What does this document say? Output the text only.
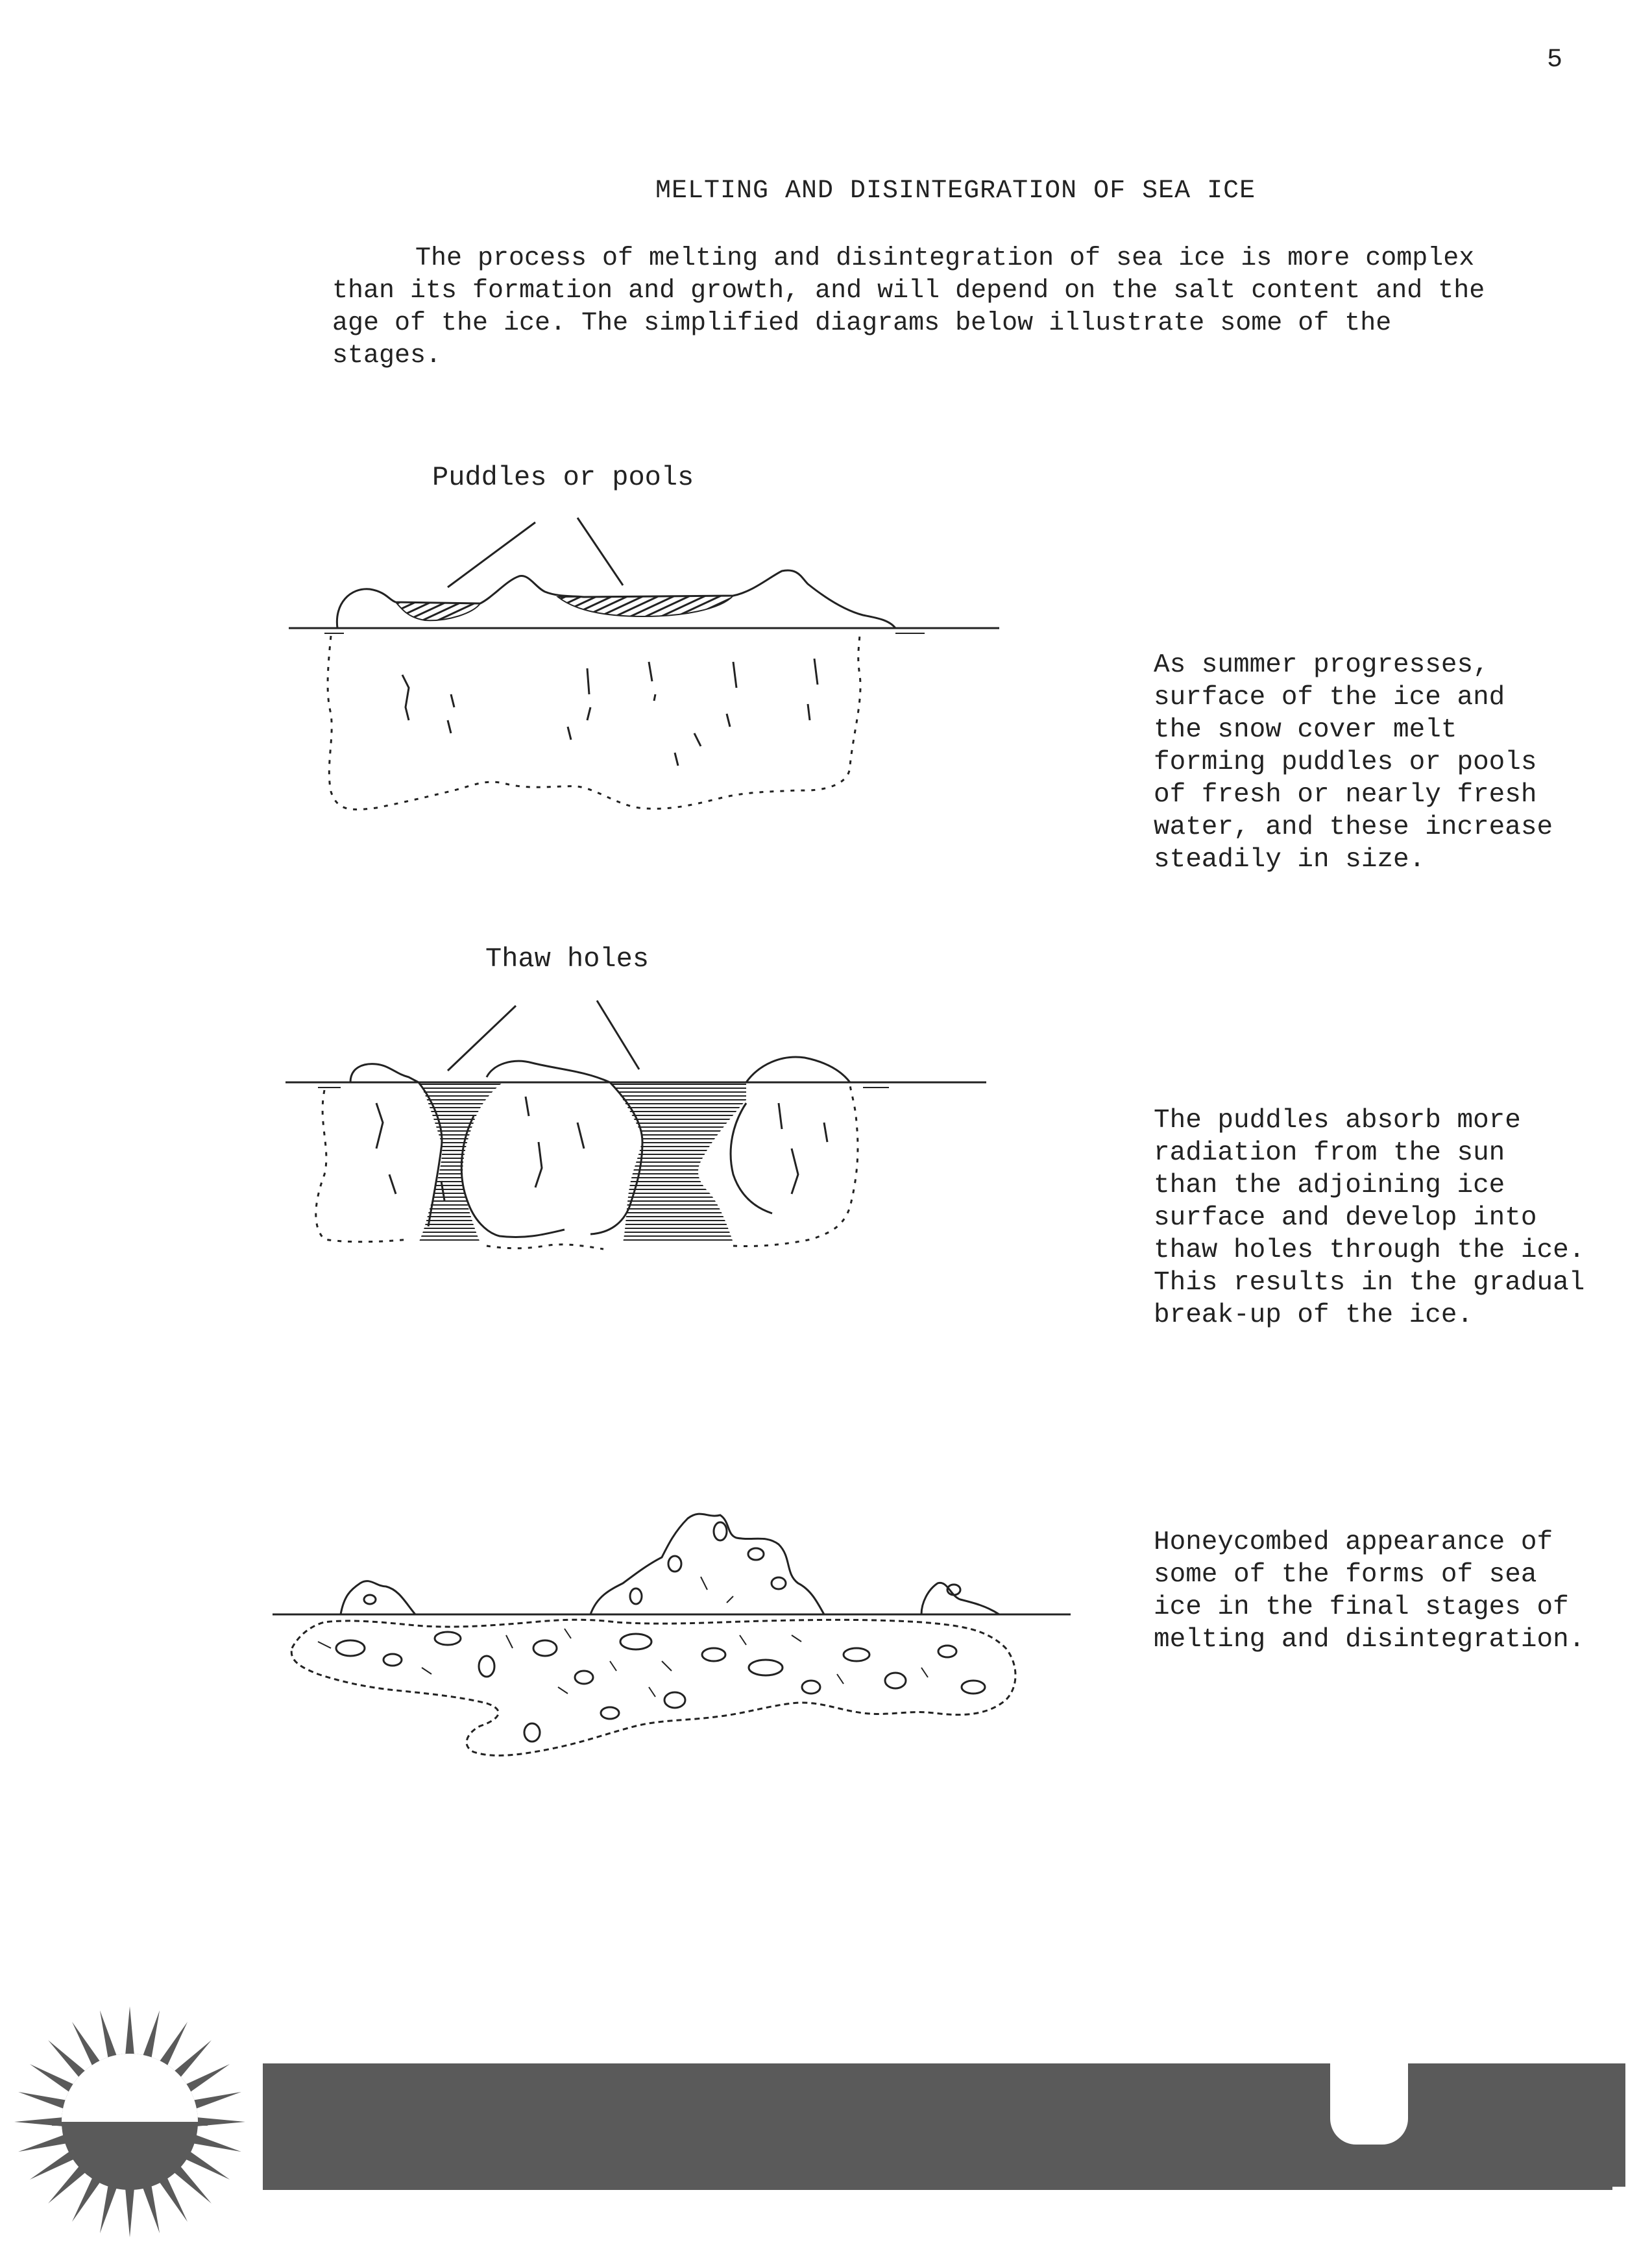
5
MELTING AND DISINTEGRATION OF SEA ICE

The process of melting and disintegration of sea ice is more complex
than its formation and growth, and will depend on the salt content and the
age of the ice. The simplified diagrams below illustrate some of the
stages.

Puddles or pools
As summer progresses,
surface of the ice and
the snow cover melt
forming puddles or pools
of fresh or nearly fresh
water, and these increase
steadily in size.
Thaw holes
The puddles absorb more
radiation from the sun
than the adjoining ice
surface and develop into
thaw holes through the ice.
This results in the gradual
break-up of the ice.
Honeycombed appearance of
some of the forms of sea
ice in the final stages of
melting and disintegration.
